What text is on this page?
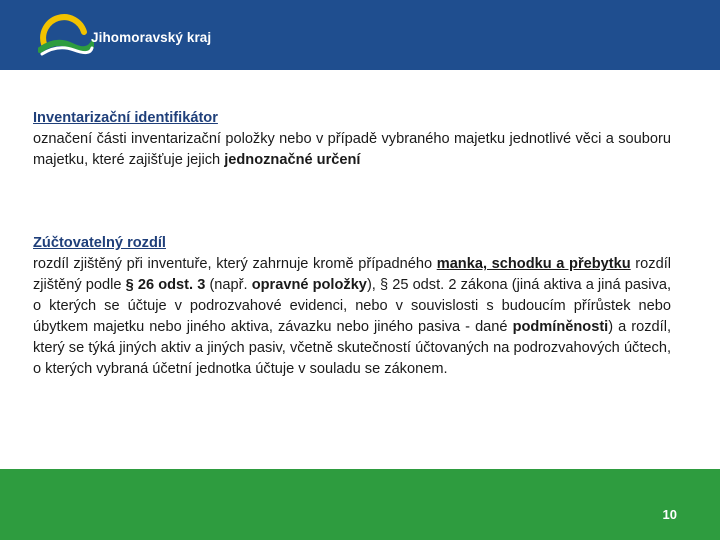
Jihomoravský kraj
Inventarizační identifikátor
označení části inventarizační položky nebo v případě vybraného majetku jednotlivé věci a souboru majetku, které zajišťuje jejich jednoznačné určení
Zúčtovatelný rozdíl
rozdíl zjištěný při inventuře, který zahrnuje kromě případného manka, schodku a přebytku rozdíl zjištěný podle § 26 odst. 3 (např. opravné položky), § 25 odst. 2 zákona (jiná aktiva a jiná pasiva, o kterých se účtuje v podrozvahové evidenci, nebo v souvislosti s budoucím přírůstek nebo úbytkem majetku nebo jiného aktiva, závazku nebo jiného pasiva - dané podmíněnosti) a rozdíl, který se týká jiných aktiv a jiných pasiv, včetně skutečností účtovaných na podrozvahových účtech, o kterých vybraná účetní jednotka účtuje v souladu se zákonem.
10
